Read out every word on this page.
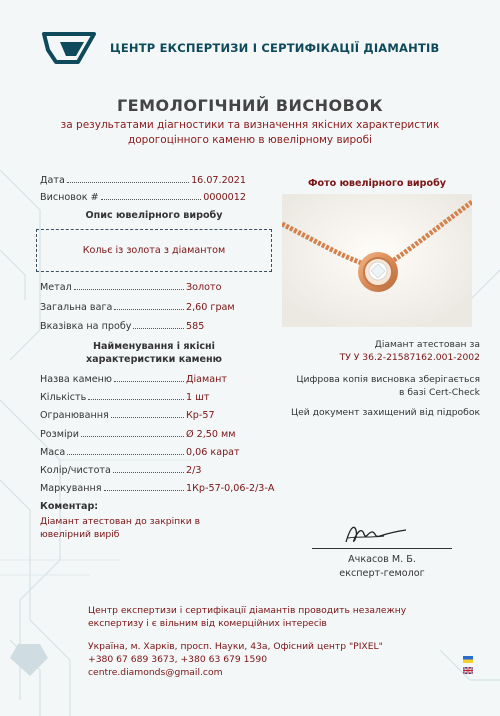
ЦЕНТР ЕКСПЕРТИЗИ І СЕРТИФІКАЦІЇ ДІАМАНТІВ
ГЕМОЛОГІЧНИЙ ВИСНОВОК
за результатами діагностики та визначення якісних характеристик
дорогоцінного каменю в ювелірному виробі
Дата	16.07.2021
Висновок #	0000012
Опис ювелірного виробу
Кольє із золота з діамантом
Метал	Золото
Загальна вага	2,60 грам
Вказівка на пробу	585
Найменування і якісні
характеристики каменю
Назва каменю	Діамант
Кількість	1 шт
Огранювання	Кр-57
Розміри	Ø 2,50 мм
Маса	0,06 карат
Колір/чистота	2/3
Маркування	1Кр-57-0,06-2/3-А
Коментар:
Діамант атестован до закріпки в ювелірний виріб
Фото ювелірного виробу
Діамант атестован за
ТУ У 36.2-21587162.001-2002
Цифрова копія висновка зберігається
в базі Cert-Check
Цей документ захищений від підробок
Ачкасов М. Б.
експерт-гемолог
Центр експертизи і сертифікації діамантів проводить незалежну
експертизу і є вільним від комерційних інтересів
Україна, м. Харків, просп. Науки, 43а, Офісний центр "PIXEL"
+380 67 689 3673, +380 63 679 1590
centre.diamonds@gmail.com
